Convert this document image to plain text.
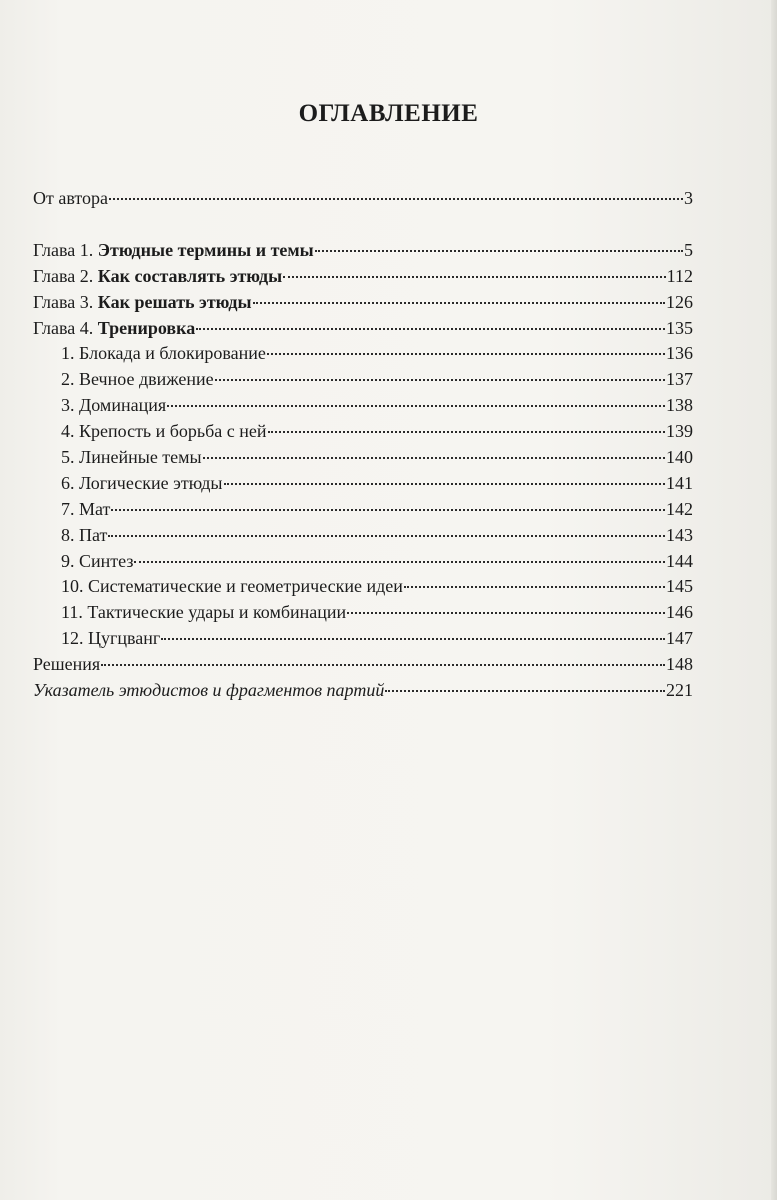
ОГЛАВЛЕНИЕ
От автора	3
Глава 1. Этюдные термины и темы	5
Глава 2. Как составлять этюды	112
Глава 3. Как решать этюды	126
Глава 4. Тренировка	135
1. Блокада и блокирование	136
2. Вечное движение	137
3. Доминация	138
4. Крепость и борьба с ней	139
5. Линейные темы	140
6. Логические этюды	141
7. Мат	142
8. Пат	143
9. Синтез	144
10. Систематические и геометрические идеи	145
11. Тактические удары и комбинации	146
12. Цугцванг	147
Решения	148
Указатель этюдистов и фрагментов партий	221
